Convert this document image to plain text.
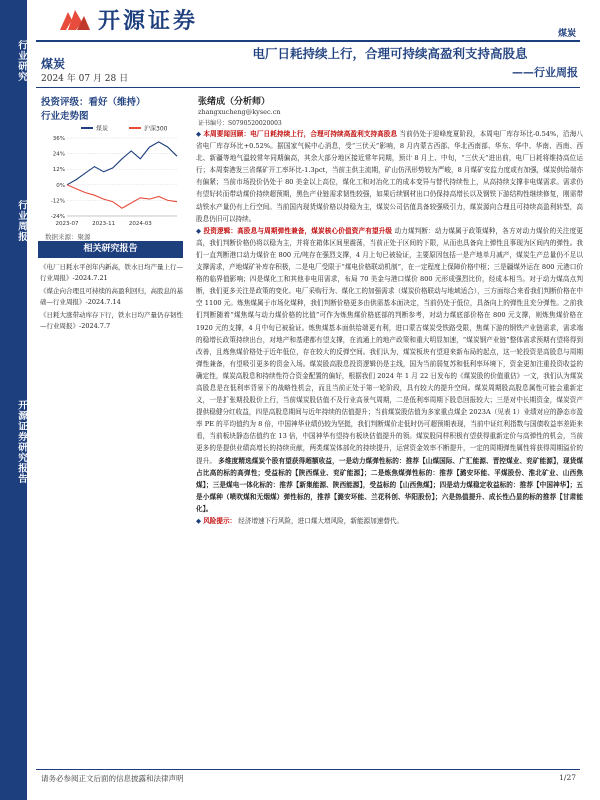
行业研究
行业周报
开源证券研究报告
开源证券
煤炭
煤炭
2024 年 07 月 28 日
电厂日耗持续上行，合理可持续高盈利支持高股息
——行业周报
投资评级：看好（维持）
行业走势图
煤炭	沪深300
-24%
-12%
0%
12%
24%
36%
2023-07 2023-11 2024-03
数据来源：聚源
相关研究报告
《电厂日耗水平创年内新高，铁水日均产量上行—行业周报》-2024.7.21
《煤企向合理且可持续的高盈利回归，高股息的基础—行业周报》-2024.7.14
《日耗大涨带动库存下行，铁水日均产量仍存韧性—行业周报》-2024.7.7
张绪成（分析师）
zhangxucheng@kysec.cn
证书编号：S0790520020003

◆ 本周要闻回顾：电厂日耗持续上行，合理可持续高盈利支持高股息 当前仍处于迎峰度夏阶段，本周电厂库存环比-0.54%，沿海八省电厂库存环比+0.52%。据国家气候中心消息，受“三伏天”影响，8 月内蒙古西部、华北西南部、华东、华中、华南、西南、西北、新疆等地气温较常年同期偏高，其余大部分地区接近常年同期，预计 8 月上、中旬，“三伏天”进出前，电厂日耗将维持高位运行；本周秦港发三省煤矿开工率环比-1.3pct，当前主供主流期，矿山仿汛形势较为严峻，8 月煤矿安监力度或有加强，煤炭供给端亦有偏紧；当前市场投价仍处于 80 美金以上高位，煤化工和对冶化工的成本变异与替代持续性上，从高持续支撑非电煤需求。需求仍有望好转而带动煤价持续超预期，黑色产业链需求韧性较强，如果后续钢材出口仍保持高增长以及钢铁下游结构性继续修复，刚需带动铁水产量仍有上行空间。当前国内现货煤价格以持稳为主，煤炭公司估值具备较强吸引力，煤炭源向合理且可持续高盈利转型，高股息仍旧可以持续。

◆ 投资逻辑：高股息与周期弹性兼备，煤炭核心价值资产有望升级 动力煤判断：动力煤属于政策煤种，各方对动力煤价的关注度更高，我们判断价格仍将以稳为主，并将在箱体区间里震荡，当前正处于区间的下限，从而也具备向上弹性且事现为区间内的弹性。我们一直判断港口动力煤价在 800 元/吨存在强烈支撑，4 月上旬已被验证，主要原因包括一是产地单月减产，煤炭生产总量仍不足以支撑需求，产地煤矿补库存积极，二是电厂受限于“煤电价格联动机制”，在一定程度上保障价格中枢；三是疆煤外运在 800 元港口价格的临界值影响；四是煤化工和其他非电用需求，布局 70 美金与港口煤价 800 元形成强烈比价，经成本相当。对于动力煤高点判断，我们更多关注是政策的变化、电厂采购行为、煤化工的加强需求（煤炭价格联动与地域适合），三方面综合来看我们判断价格在中空 1100 元。炼焦煤属于市场化煤种，我们判断价格更多由供需基本面决定，当前仍处于低位，具备向上的弹性且充分弹性。之前我们判断随着“煤焦煤与动力煤价格的比值”可作为炼焦煤价格底部的判断参考，对动力煤底部价格在 800 元支撑，则炼焦煤价格在 1920 元的支撑，4 月中旬已被验证。炼焦煤基本面供给端更有利，进口蒙古煤炭受铁路受限，焦煤下游的钢铁产业链需求，需求端的稳增长政策持续出台，对地产和基建都有望支撑，在流通上的地产政策和重大明显加速，“煤炭钢产业链”整体需求预期有望将得到改善，且炼焦煤价格处于近年低位，存在较大的反弹空间。我们认为，煤炭板块有望迎来新布局的起点，这一轮投资是高股息与周期弹性兼备，有望吸引更多的资金入场。煤炭股高股息投资逻辑仍是主线，国为当前弱复苏和低利率环境下，资金更加注重投资收益的确定性，煤炭高股息和持续性符合资金配置的偏好，根据我们 2024 年 1 月 22 日发布的《煤炭股的价值重估》一文，我们认为煤炭高股息是在低利率背景下的战略性机会，而且当前正处于第一轮阶段，具有较大的提升空间。煤炭周期股高股息属性可能会重新定义，一是扩张期投股价上行，当前煤炭股估值不及行业高景气周期，二是低利率周期下股息回报较大；三是对中长期资金，煤炭资产提供稳健分红收益，四是高股息期间与近年持续的估值提升；当前煤炭股估值为多家重点煤企 2023A（见表 1）业绩对应的静态市盈率 PE 的平均值约为 8 倍，中国神华业绩仍较为坚挺，我们判断煤价走低时仍可超预期表现，当前中证红利指数与国债收益率差距来看，当前板块静态估值约在 13 倍，中国神华有望持有板块估值提升的领。煤炭股同样积极有望获得重新定价与高弹性的机会，当前更多的是提供业绩高增长的持续贡献，两类煤炭体部化的持续提升，运营资金效率不断提升，一定的周期弹性属性将获得周期溢价的提升。 多维度精选煤炭个股有望获得超额收益，一是动力煤弹性标的：推荐【山煤国际、广汇能源、晋控煤业、兖矿能源】，现货煤占比高的标的高弹性；受益标的【陕西煤业、兖矿能源】；二是炼焦煤弹性标的：推荐【潞安环能、平煤股份、淮北矿业、山西焦煤】；三是煤电一体化标的：推荐【新集能源、陕西能源】，受益标的【山西焦煤】；四是动力煤稳定收益标的：推荐【中国神华】；五是小煤种（喷吹煤和无烟煤）弹性标的，推荐【潞安环能、兰花科创、华阳股份】；六是热值提升、成长性凸显的标的推荐【甘肃能化】。

◆ 风险提示： 经济增速下行风险，进口煤大增风险，新能源加速替代。

请务必参阅正文后面的信息披露和法律声明	1/27
